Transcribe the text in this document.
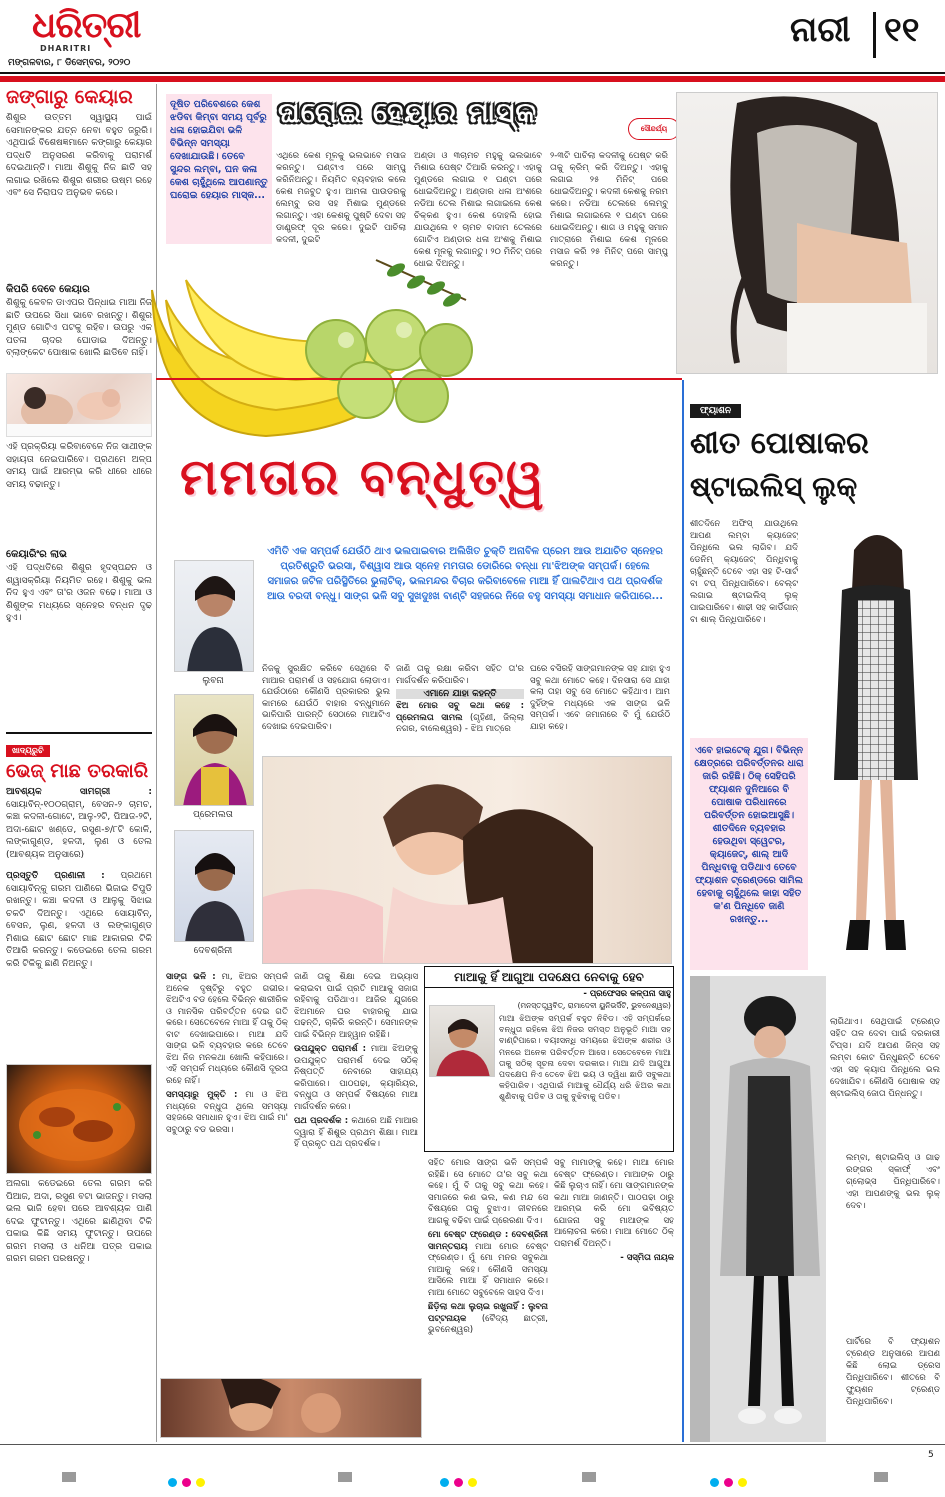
ଧରିତ୍ରୀ
DHARITRI
ମଙ୍ଗଳବାର, ୮ ଡିସେମ୍ବର, ୨୦୨୦
ନାରୀ ୧୧
ଜଙ୍ଗାରୁ କେୟାର
ଶିଶୁର ଉତ୍ତମ ସ୍ୱାସ୍ଥ୍ୟ ପାଇଁ ସେମାନଙ୍କର ଯତ୍ନ ନେବା ବହୁତ ଜରୁରି। ଏଥିପାଇଁ ବିଶେଷଜ୍ଞମାନେ କଙ୍ଗାରୁ କେୟାର ପଦ୍ଧତି ଅନୁସରଣ କରିବାକୁ ପରାମର୍ଶ ଦେଇଥାନ୍ତି। ମାଆ ଶିଶୁକୁ ନିଜ ଛାତି ସହ ଲଗାଇ ରଖିଲେ ଶିଶୁର ଶରୀର ଉଷ୍ମ ରହେ ଏବଂ ସେ ନିରାପଦ ଅନୁଭବ କରେ।
କିପରି ଦେବେ କେୟାର
ଶିଶୁକୁ କେବଳ ଡାଏପର ପିନ୍ଧାଇ ମାଆ ନିଜ ଛାତି ଉପରେ ସିଧା ଭାବେ ରଖନ୍ତୁ। ଶିଶୁର ମୁଣ୍ଡ ଗୋଟିଏ ପଟକୁ ରହିବ। ଉପରୁ ଏକ ପତଳା ଚାଦର ଘୋଡାଇ ଦିଅନ୍ତୁ। ବ୍ଲାଙ୍କେଟ ପୋଷାକ ଖୋଲି ଛାଡିବେ ନାହିଁ।
ଏହି ପ୍ରକ୍ରିୟା କରିବାବେଳେ ନିଜ ସାଥୀଙ୍କ ସହାୟତା ନେଇପାରିବେ। ପ୍ରଥମେ ଅଳ୍ପ ସମୟ ପାଇଁ ଆରମ୍ଭ କରି ଧୀରେ ଧୀରେ ସମୟ ବଢାନ୍ତୁ।
କେୟାରିଂର ଲାଭ
ଏହି ପଦ୍ଧତିରେ ଶିଶୁର ହୃଦସ୍ପନ୍ଦନ ଓ ଶ୍ୱାସକ୍ରିୟା ନିୟମିତ ରହେ। ଶିଶୁକୁ ଭଲ ନିଦ ହୁଏ ଏବଂ ତା'ର ଓଜନ ବଢେ। ମାଆ ଓ ଶିଶୁଙ୍କ ମଧ୍ୟରେ ସ୍ନେହର ବନ୍ଧନ ଦୃଢ ହୁଏ।
ଖାଦ୍ୟରୁଚି
ଭେଜ୍ ମାଛ ତରକାରି
ଆବଶ୍ୟକ ସାମଗ୍ରୀ : ସୋୟାବିନ୍‌-୧୦୦ଗ୍ରାମ୍‌, ବେସନ-୨ ଚାମଚ, କଞ୍ଚା କଦଳୀ-ଗୋଟେ, ଆଳୁ-୨ଟି, ପିଆଜ-୨ଟି, ଅଦା-ଛୋଟ ଖଣ୍ଡେ, ରସୁଣ-୭/୮ଟି କୋଳି, ଲଙ୍କାଗୁଣ୍ଡ, ହଳଦୀ, ଲୁଣ ଓ ତେଲ (ଆବଶ୍ୟକ ଅନୁସାରେ)
ପ୍ରସ୍ତୁତି ପ୍ରଣାଳୀ : ପ୍ରଥମେ ସୋୟାବିନ୍‌କୁ ଗରମ ପାଣିରେ ଭିଜାଇ ଚିପୁଡି ରଖନ୍ତୁ। କଞ୍ଚା କଦଳୀ ଓ ଆଳୁକୁ ସିଝାଇ ଚକଟି ଦିଅନ୍ତୁ। ଏଥିରେ ସୋୟାବିନ୍‌, ବେସନ, ଲୁଣ, ହଳଦୀ ଓ ଲଙ୍କାଗୁଣ୍ଡ ମିଶାଇ ଛୋଟ ଛୋଟ ମାଛ ଆକାରର ଟିକି ତିଆରି କରନ୍ତୁ। କଡେଇରେ ତେଲ ଗରମ କରି ଟିକିକୁ ଛାଣି ନିଅନ୍ତୁ।
ଅଲଗା କଡେଇରେ ତେଲ ଗରମ କରି ପିଆଜ, ଅଦା, ରସୁଣ ବଟା ଭାଜନ୍ତୁ। ମସଲା ଭଲ ଭାଜି ହେବା ପରେ ଆବଶ୍ୟକ ପାଣି ଦେଇ ଫୁଟାନ୍ତୁ। ଏଥିରେ ଛାଣିଥିବା ଟିକି ପକାଇ କିଛି ସମୟ ଫୁଟାନ୍ତୁ। ଉପରେ ଗରମ ମସଲା ଓ ଧନିଆ ପତ୍ର ପକାଇ ଗରମ ଗରମ ପରଷନ୍ତୁ।
ଦୂଷିତ ପରିବେଶରେ କେଶ ଝଡିବା କିମ୍ବା ସମୟ ପୂର୍ବରୁ ଧଳା ହୋଇଯିବା ଭଳି ବିଭିନ୍ନ ସମସ୍ୟା ଦେଖାଯାଉଛି। ତେବେ ସୁନ୍ଦର ଲମ୍ବା, ଘନ କଳା କେଶ ଚାହୁଁଥିଲେ ଆପଣାନ୍ତୁ ଘରୋଇ ହେୟାର ମାସ୍କ...
ଘରୋଇ ହେୟାର ମାସ୍କ	ସୌନ୍ଦର୍ଯ୍ୟ
ଏଥିରେ କେଶ ମୂଳକୁ ଭଲଭାବେ ମସାଜ କରନ୍ତୁ। ଘଣ୍ଟାଏ ପରେ ସାମ୍ପୁ କରିନିଅନ୍ତୁ। ନିୟମିତ ବ୍ୟବହାର କଲେ କେଶ ମଜବୁତ ହୁଏ। ଆମଳା ପାଉଡରକୁ ଲେମ୍ବୁ ରସ ସହ ମିଶାଇ ମୁଣ୍ଡରେ ଲଗାନ୍ତୁ। ଏହା କେଶକୁ ପୁଷ୍ଟି ଦେବା ସହ ଡାଣ୍ଡ୍ରଫ୍‌ ଦୂର କରେ। ଦୁଇଟି ପାଚିଲା କଦଳୀ, ଦୁଇଟି
ଅଣ୍ଡା ଓ ୩ଚାମଚ ମହୁକୁ ଭଲଭାବେ ମିଶାଇ ପେଷ୍ଟ ତିଆରି କରନ୍ତୁ। ଏହାକୁ ମୁଣ୍ଡରେ ଲଗାଇ ୧ ଘଣ୍ଟା ପରେ ଧୋଇଦିଅନ୍ତୁ। ଅଣ୍ଡାର ଧଳା ଅଂଶରେ ନଡିଆ ତେଲ ମିଶାଇ ଲଗାଇଲେ କେଶ ଚିକ୍କଣ ହୁଏ। କେଶ ଦୋହଲି ହୋଇ ଯାଉଥିଲେ ୧ ଚାମଚ ବାଦାମ ତେଲରେ ଗୋଟିଏ ଅଣ୍ଡାର ଧଳା ଅଂଶକୁ ମିଶାଇ କେଶ ମୂଳକୁ ଲଗାନ୍ତୁ। ୨୦ ମିନିଟ୍‌ ପରେ ଧୋଇ ଦିଅନ୍ତୁ।
୨-୩ଟି ପାଚିଲା କଦଳୀକୁ ପେଷ୍ଟ କରି ତାକୁ କ୍ରିମ୍‌ କରି ଦିଅନ୍ତୁ। ଏହାକୁ ଲଗାଇ ୨୫ ମିନିଟ୍‌ ପରେ ଧୋଇଦିଅନ୍ତୁ। କଦଳୀ କେଶକୁ ନରମ କରେ। ନଡିଆ ତେଲରେ ଲେମ୍ବୁ ମିଶାଇ ଲଗାଇଲେ ୧ ଘଣ୍ଟା ପରେ ଧୋଇଦିଅନ୍ତୁ। ଶାଗ ଓ ମହୁକୁ ସମାନ ମାତ୍ରାରେ ମିଶାଇ କେଶ ମୂଳରେ ମସାଜ କରି ୨୫ ମିନିଟ୍‌ ପରେ ସାମ୍ପୁ କରନ୍ତୁ।
ମମତାର ବନ୍ଧୁତ୍ୱ
ଏମିତି ଏକ ସମ୍ପର୍କ ଯେଉଁଠି ଥାଏ ଭଲପାଇବାର ଅଲିଖିତ ଚୁକ୍ତି ଅନାବିଳ ପ୍ରେମ ଆଉ ଅଯାଚିତ ସ୍ନେହର ପ୍ରତିଶ୍ରୁତି ଭରସା, ବିଶ୍ୱାସ ଆଉ ସ୍ନେହ ମମତାର ଡୋରିରେ ବନ୍ଧା ମା'ଝିଅଙ୍କ ସମ୍ପର୍କ। ହେଲେ ସମାଜର ଜଟିଳ ପରିସ୍ଥିତିରେ ଭୁଲାଟିକ୍‌, ଭଲମନ୍ଦର ବିଚାର କରିବାବେଳେ ମାଆ ହିଁ ପାଲଟିଥାଏ ପଥ ପ୍ରଦର୍ଶକ ଆଉ ବରଦୀ ବନ୍ଧୁ। ସାଙ୍ଗ ଭଳି ସବୁ ସୁଖଦୁଃଖ ବାଣ୍ଟି ସହଜରେ ନିଜେ ବହୁ ସମସ୍ୟା ସମାଧାନ କରିପାରେ...
ଲୁବନା
ପ୍ରେମଲତା
ଦେବଶ୍ରିନୀ
ନିଜକୁ ସୁରକ୍ଷିତ କରିବେ ସେଥିରେ ବି ମାଆର ପରାମର୍ଶ ଓ ସହଯୋଗ ଲୋଡାଏ। ଯେଉଁଠାରେ କୌଣସି ପ୍ରକାରର ଭୁଲ କାମରେ ଯେଉଁଠି ବାହାର ବନ୍ଧୁମାନେ ଭାଳିପାରି ପାରନ୍ତି ସେଠାରେ ମାଆଟିଏ ଦେଖାଇ ଦେଇପାରିବ।
ଜାଣି ତାକୁ ରକ୍ଷା କରିବା ସହିତ ତା'ର ମାର୍ଗଦର୍ଶନ କରିପାରିବ।
ଏମାନେ ଯାହା କହନ୍ତି
ଝିଅ ମୋର ସବୁ କଥା କହେ : ପ୍ରେମଲତା ସାମଲ (ଗୃହିଣୀ, ଜିଲ୍ଲା ନଗର, ବାଲେଶ୍ୱର) - ଝିଅ ମାତ୍ରେ
ଘରେ ବସିରହି ସାଙ୍ଗମାନଙ୍କ ସହ ଯାହା ହୁଏ ସବୁ କଥା ମୋତେ କହେ। ଦିନସାରା ସେ ଯାହା କଲା ତାହା ସବୁ ସେ ମୋତେ କହିଥାଏ। ଆମ ଦୁହିଁଙ୍କ ମଧ୍ୟରେ ଏକ ସାଙ୍ଗ ଭଳି ସମ୍ପର୍କ। ଏବେ ଜମାନାରେ ବି ମୁଁ ଯେଉଁଠି ଯାହା କହେ।

ସାଙ୍ଗ ଭଳି : ମା, ଝିଅର ସମ୍ପର୍କ ଅନେକ ଦୃଷ୍ଟିରୁ ବହୁତ ଗଭୀର। ଝିଅଟିଏ ବଡ ହେଲେ ବିଭିନ୍ନ ଶାରୀରିକ ଓ ମାନସିକ ପରିବର୍ତ୍ତନ ଦେଇ ଗତି କରେ। ସେତେବେଳେ ମାଆ ହିଁ ତାକୁ ଠିକ୍‌ ବାଟ ଦେଖାଇପାରେ। ମାଆ ଯଦି ସାଙ୍ଗ ଭଳି ବ୍ୟବହାର କରେ ତେବେ ଝିଅ ନିଜ ମନକଥା ଖୋଲି କହିପାରେ। ଏହି ସମ୍ପର୍କ ମଧ୍ୟରେ କୌଣସି ଦୂରତା ରହେ ନାହିଁ।

ସମସ୍ୟାରୁ ମୁକ୍ତି : ମା ଓ ଝିଅ ମଧ୍ୟରେ ବନ୍ଧୁତା ଥିଲେ ସମସ୍ୟା ସହଜରେ ସମାଧାନ ହୁଏ। ଝିଅ ପାଇଁ ମା' ସବୁଠାରୁ ବଡ ଭରସା।

ଜାଣି ତାକୁ ଶିକ୍ଷା ଦେଇ ଅଭ୍ୟାସ କରାଇବା ପାଇଁ ପ୍ରତି ମାଆକୁ ସଜାଗ ରହିବାକୁ ପଡିଥାଏ। ଆଜିର ଯୁଗରେ ଝିଅମାନେ ଘର ବାହାରକୁ ଯାଇ ପଢନ୍ତି, ଚାକିରି କରନ୍ତି। ସେମାନଙ୍କ ପାଇଁ ବିଭିନ୍ନ ଆହ୍ୱାନ ରହିଛି।

ଉପଯୁକ୍ତ ପରାମର୍ଶ : ମାଆ ଝିଅଙ୍କୁ ଉପଯୁକ୍ତ ପରାମର୍ଶ ଦେଇ ସଠିକ୍‌ ନିଷ୍ପତ୍ତି ନେବାରେ ସାହାଯ୍ୟ କରିପାରେ। ପାଠପଢା, କ୍ୟାରିୟର, ବନ୍ଧୁତା ଓ ସମ୍ପର୍କ ବିଷୟରେ ମାଆ ମାର୍ଗଦର୍ଶନ କରେ।

ପଥ ପ୍ରଦର୍ଶକ : କଥାରେ ଅଛି ମାଆର ଦ୍ୱାରା ହିଁ ଶିଶୁର ପ୍ରଥମ ଶିକ୍ଷା। ମାଆ ହିଁ ପ୍ରକୃତ ପଥ ପ୍ରଦର୍ଶକ।

ମାଆକୁ ହିଁ ଆଗୁଆ ପଦକ୍ଷେପ ନେବାକୁ ହେବ
- ପ୍ରଫେସର କଳ୍ପନା ସାହୁ
(ମନସ୍ତତ୍ତ୍ୱବିତ୍‌, ରାମାଦେବୀ ୟୁନିଭର୍ସିଟି, ଭୁବନେଶ୍ୱର)
ମାଆ ଝିଅଙ୍କ ସମ୍ପର୍କ ବହୁତ ନିବିଡ। ଏହି ସମ୍ପର୍କରେ ବନ୍ଧୁତା ରହିଲେ ଝିଅ ନିଜର ସମସ୍ତ ଅନୁଭୂତି ମାଆ ସହ ବାଣ୍ଟିପାରେ। ବୟଃସନ୍ଧି ସମୟରେ ଝିଅଙ୍କ ଶରୀର ଓ ମନରେ ଅନେକ ପରିବର୍ତ୍ତନ ଆସେ। ସେତେବେଳେ ମାଆ ତାକୁ ସଠିକ୍‌ ସୂଚନା ଦେବା ଦରକାର। ମାଆ ଯଦି ଆଗୁଆ ପଦକ୍ଷେପ ନିଏ ତେବେ ଝିଅ ଭୟ ଓ ଦ୍ୱିଧା ଛାଡି ସବୁକଥା କହିପାରିବ। ଏଥିପାଇଁ ମାଆକୁ ଧୈର୍ଯ୍ୟ ଧରି ଝିଅର କଥା ଶୁଣିବାକୁ ପଡିବ ଓ ତାକୁ ବୁଝିବାକୁ ପଡିବ।

ସହିତ ମୋର ସାଙ୍ଗ ଭଳି ସମ୍ପର୍କ ରହିଛି। ସେ ମୋତେ ତା'ର ସବୁ କଥା କହେ। ମୁଁ ବି ତାକୁ ସବୁ କଥା କହେ। ସମାଜରେ କଣ ଭଲ, କଣ ମନ୍ଦ ସେ ବିଷୟରେ ତାକୁ ବୁଝାଏ। ଜୀବନରେ ଆଗକୁ ବଢିବା ପାଇଁ ପ୍ରେରଣା ଦିଏ।

ମୋ ବେଷ୍ଟ ଫ୍ରେଣ୍ଡ : ଦେବଶ୍ରିନୀ ସାମନ୍ତରାୟ ମାଆ ମୋର ବେଷ୍ଟ ଫ୍ରେଣ୍ଡ। ମୁଁ ମୋ ମନର ସବୁକଥା ମାଆକୁ କହେ। କୌଣସି ସମସ୍ୟା ଆସିଲେ ମାଆ ହିଁ ସମାଧାନ କରେ। ମାଆ ମୋତେ ସବୁବେଳେ ସାହସ ଦିଏ।

ଛିଡ଼ିଲା କଥା ଲୁଚାଇ ରଖୁନାହିଁ : ଲୁବନା ପଟ୍ଟନାୟକ (ବୈଦ୍ୟ ଛାତ୍ରୀ, ଭୁବନେଶ୍ୱର)

ସବୁ ମାମାଙ୍କୁ କହେ। ମାଆ ମୋର ବେଷ୍ଟ ଫ୍ରେଣ୍ଡ। ମାଆଙ୍କ ଠାରୁ କିଛି ଲୁଚାଏ ନାହିଁ। ମୋ ସାଙ୍ଗମାନଙ୍କ କଥା ମାଆ ଜାଣନ୍ତି। ପାଠପଢା ଠାରୁ ଆରମ୍ଭ କରି ମୋ ଭବିଷ୍ୟତ ଯୋଜନା ସବୁ ମାଆଙ୍କ ସହ ଆଲୋଚନା କରେ। ମାଆ ମୋତେ ଠିକ୍‌ ପରାମର୍ଶ ଦିଅନ୍ତି।

- ସସ୍ମିତା ନାୟକ

ଫ୍ୟାଶନ
ଶୀତ ପୋଷାକର
ଷ୍ଟାଇଲିସ୍ ଲୁକ୍
ଶୀତଦିନେ ଅଫିସ୍‌ ଯାଉଥିଲେ ଆପଣ ଲମ୍ବା କ୍ୟାଜେଟ୍‌ ପିନ୍ଧିଲେ ଭଲ ଲାଗିବ। ଯଦି ଡେନିମ୍‌ କ୍ୟାଜେଟ୍‌ ପିନ୍ଧିବାକୁ ଚାହୁଁଛନ୍ତି ତେବେ ଏହା ସହ ଟି-ସାର୍ଟ ବା ଟପ୍‌ ପିନ୍ଧିପାରିବେ। ବେଲ୍ଟ ଲଗାଇ ଷ୍ଟାଇଲିସ୍‌ ଲୁକ୍‌ ପାଇପାରିବେ। ଶାଢୀ ସହ କାର୍ଡିଗାନ୍‌ ବା ଶାଲ୍‌ ପିନ୍ଧିପାରିବେ।
ଏବେ ହାଇଟେକ୍‌ ଯୁଗ। ବିଭିନ୍ନ କ୍ଷେତ୍ରରେ ପରିବର୍ତ୍ତନର ଧାରା ଜାରି ରହିଛି। ଠିକ୍‌ ସେହିପରି ଫ୍ୟାଶନ ଦୁନିଆରେ ବି ପୋଷାକ ପରିଧାନରେ ପରିବର୍ତ୍ତନ ହୋଇଆସୁଛି। ଶୀତଦିନେ ବ୍ୟବହାର ହେଉଥିବା ସ୍ୱେଟର, କ୍ୟାଜେଟ୍‌, ଶାଲ୍‌ ଆଦି ପିନ୍ଧିବାକୁ ପଡିଥାଏ ତେବେ ଫ୍ୟାଶନ ଟ୍ରେଣ୍ଡରେ ସାମିଲ ହେବାକୁ ଚାହୁଁଥିଲେ କାହା ସହିତ କ'ଣ ପିନ୍ଧିବେ ଜାଣି ରଖନ୍ତୁ...
ଲାଗିଥାଏ। ସେଥିପାଇଁ ଟ୍ରେଣ୍ଡ ସହିତ ତାଳ ଦେବା ପାଇଁ ଦରକାରୀ ଟିପ୍ସ। ଯଦି ଆପଣ ଜିନ୍ସ ସହ ଲମ୍ବା କୋଟ ପିନ୍ଧୁଛନ୍ତି ତେବେ ଏହା ସହ କ୍ୟାପ ପିନ୍ଧିଲେ ଭଲ ଦେଖାଯିବ। କୌଣସି ପୋଷାକ ସହ ଷ୍ଟାଇଲିସ୍‌ ଜୋତା ପିନ୍ଧନ୍ତୁ।
ଲମ୍ବା, ଷ୍ଟାଇଲିସ୍‌ ଓ ଗାଢ ରଙ୍ଗର ସ୍କାର୍ଫ୍‌ ଏବଂ ଗ୍ଲୋଭ୍ସ ପିନ୍ଧିପାରିବେ। ଏହା ଆପଣଙ୍କୁ ଭଲ ଲୁକ୍‌ ଦେବ।
ପାର୍ଟିରେ ବି ଫ୍ୟାଶନ ଟ୍ରେଣ୍ଡ ଅନୁସାରେ ଆପଣ କିଛି ଲୋଇ ଡ୍ରେସ ପିନ୍ଧିପାରିବେ। ଶୀତରେ ବି ଫ୍ୟୁଶନ ଟ୍ରେଣ୍ଡ ପିନ୍ଧିପାରିବେ।

5
